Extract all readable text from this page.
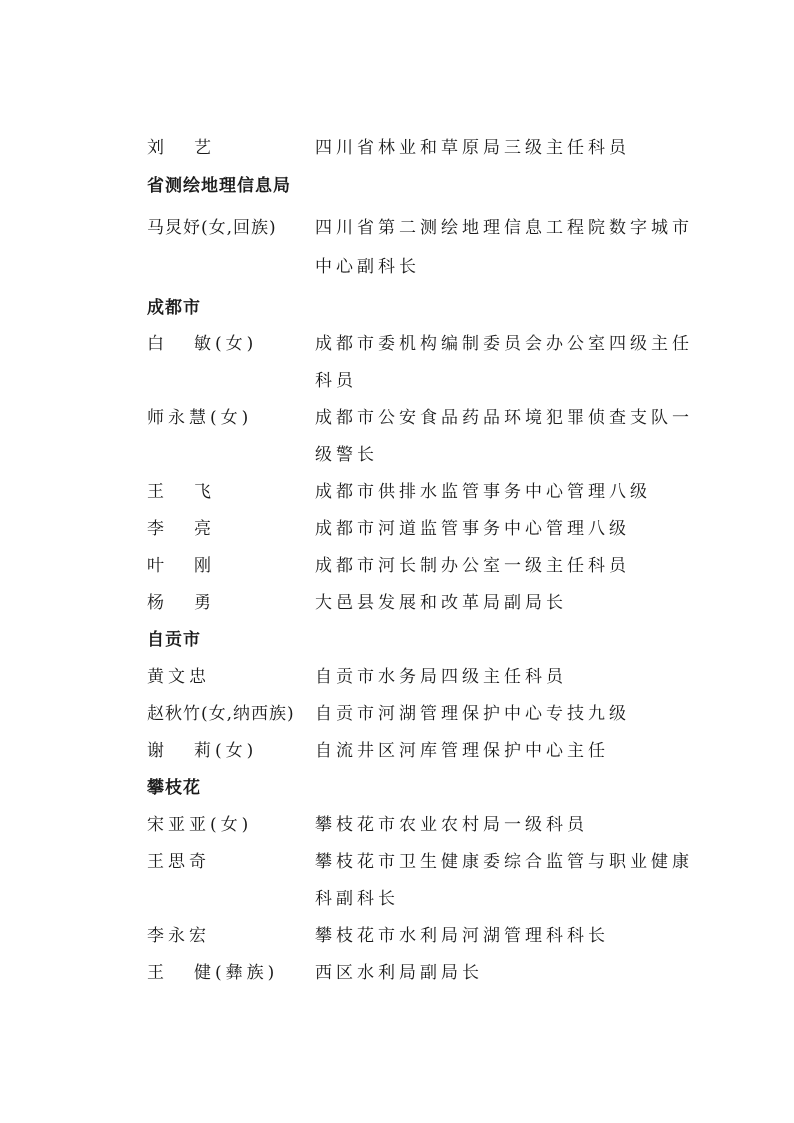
刘 艺	四川省林业和草原局三级主任科员
省测绘地理信息局
马炅妤(女,回族) 四川省第二测绘地理信息工程院数字城市
中心副科长
成都市
白 敏(女)	成都市委机构编制委员会办公室四级主任
科员
师永慧(女)	成都市公安食品药品环境犯罪侦查支队一
级警长
王 飞	成都市供排水监管事务中心管理八级
李 亮	成都市河道监管事务中心管理八级
叶 刚	成都市河长制办公室一级主任科员
杨 勇	大邑县发展和改革局副局长
自贡市
黄文忠	自贡市水务局四级主任科员
赵秋竹(女,纳西族) 自贡市河湖管理保护中心专技九级
谢 莉(女)	自流井区河库管理保护中心主任
攀枝花
宋亚亚(女)	攀枝花市农业农村局一级科员
王思奇	攀枝花市卫生健康委综合监管与职业健康
科副科长
李永宏	攀枝花市水利局河湖管理科科长
王 健(彝族) 西区水利局副局长
